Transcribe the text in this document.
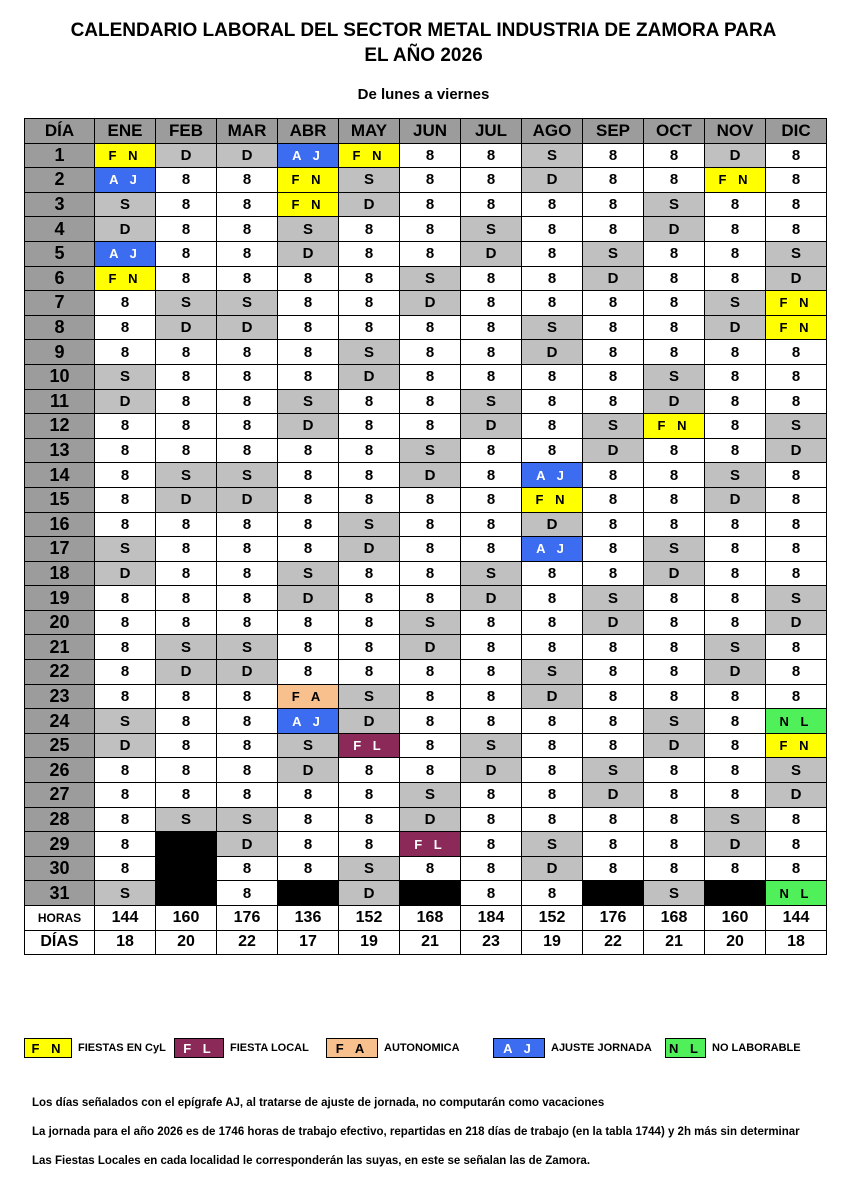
CALENDARIO LABORAL DEL SECTOR METAL INDUSTRIA DE ZAMORA PARA
EL AÑO 2026
De lunes a viernes
DÍA	ENE	FEB	MAR	ABR	MAY	JUN	JUL	AGO	SEP	OCT	NOV	DIC
1	F N	D	D	A J	F N	8	8	S	8	8	D	8
2	A J	8	8	F N	S	8	8	D	8	8	F N	8
3	S	8	8	F N	D	8	8	8	8	S	8	8
4	D	8	8	S	8	8	S	8	8	D	8	8
5	A J	8	8	D	8	8	D	8	S	8	8	S
6	F N	8	8	8	8	S	8	8	D	8	8	D
7	8	S	S	8	8	D	8	8	8	8	S	F N
8	8	D	D	8	8	8	8	S	8	8	D	F N
9	8	8	8	8	S	8	8	D	8	8	8	8
10	S	8	8	8	D	8	8	8	8	S	8	8
11	D	8	8	S	8	8	S	8	8	D	8	8
12	8	8	8	D	8	8	D	8	S	F N	8	S
13	8	8	8	8	8	S	8	8	D	8	8	D
14	8	S	S	8	8	D	8	A J	8	8	S	8
15	8	D	D	8	8	8	8	F N	8	8	D	8
16	8	8	8	8	S	8	8	D	8	8	8	8
17	S	8	8	8	D	8	8	A J	8	S	8	8
18	D	8	8	S	8	8	S	8	8	D	8	8
19	8	8	8	D	8	8	D	8	S	8	8	S
20	8	8	8	8	8	S	8	8	D	8	8	D
21	8	S	S	8	8	D	8	8	8	8	S	8
22	8	D	D	8	8	8	8	S	8	8	D	8
23	8	8	8	F A	S	8	8	D	8	8	8	8
24	S	8	8	A J	D	8	8	8	8	S	8	N L
25	D	8	8	S	F L	8	S	8	8	D	8	F N
26	8	8	8	D	8	8	D	8	S	8	8	S
27	8	8	8	8	8	S	8	8	D	8	8	D
28	8	S	S	8	8	D	8	8	8	8	S	8
29	8		D	8	8	F L	8	S	8	8	D	8
30	8		8	8	S	8	8	D	8	8	8	8
31	S		8		D		8	8		S		N L
HORAS	144	160	176	136	152	168	184	152	176	168	160	144
DÍAS	18	20	22	17	19	21	23	19	22	21	20	18
F N	FIESTAS EN CyL	F L	FIESTA LOCAL	F A	AUTONOMICA	A J	AJUSTE JORNADA	N L NO LABORABLE
Los días señalados con el epígrafe AJ, al tratarse de ajuste de jornada, no computarán como vacaciones
La jornada para el año 2026 es de 1746 horas de trabajo efectivo, repartidas en 218 días de trabajo (en la tabla 1744) y 2h más sin determinar
Las Fiestas Locales en cada localidad le corresponderán las suyas, en este se señalan las de Zamora.
